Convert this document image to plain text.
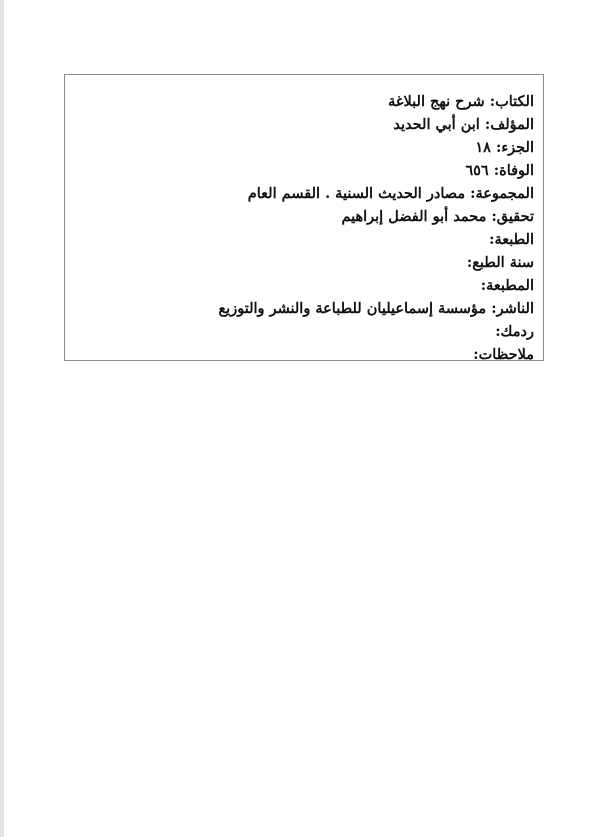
الكتاب:شرح نهج البلاغة

المؤلف:ابن أبي الحديد

الجزء:١٨

الوفاة:٦٥٦

المجموعة:مصادر الحديث السنية . القسم العام

تحقيق:محمد أبو الفضل إبراهيم

الطبعة:

سنة الطبع:

المطبعة:

الناشر:مؤسسة إسماعيليان للطباعة والنشر والتوزيع

ردمك:

ملاحظات:
